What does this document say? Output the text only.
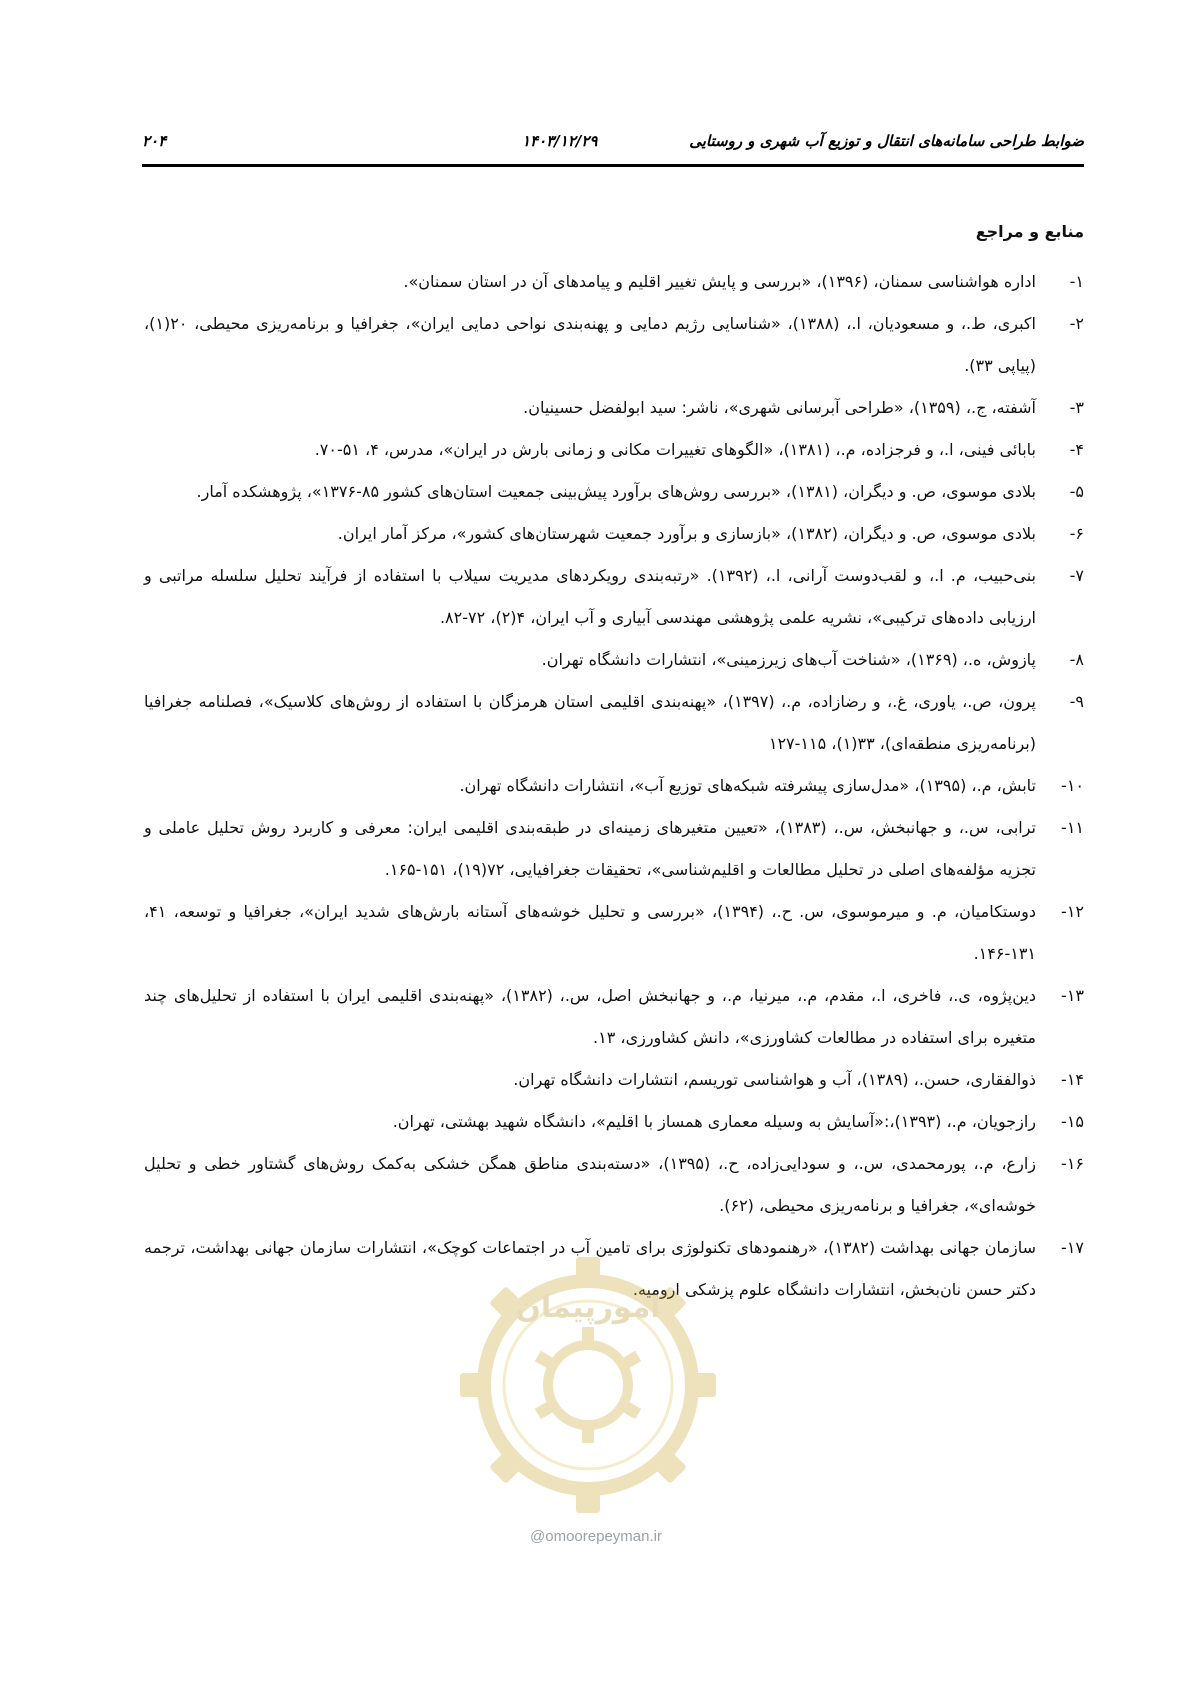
ضوابط طراحی سامانه‌های انتقال و توزیع آب شهری و روستایی
۱۴۰۳/۱۲/۲۹
۲۰۴
منابع و مراجع
۱-
اداره هواشناسی سمنان، (۱۳۹۶)، «بررسی و پایش تغییر اقلیم و پیامدهای آن در استان سمنان».
۲-
اکبری، ط.، و مسعودیان، ا.، (۱۳۸۸)، «شناسایی رژیم دمایی و پهنه‌بندی نواحی دمایی ایران»، جغرافیا و برنامه‌ریزی محیطی، ۲۰(۱)، (پیاپی ۳۳).
۳-
آشفته، ج.، (۱۳۵۹)، «طراحی آبرسانی شهری»، ناشر: سید ابولفضل حسینیان.
۴-
بابائی فینی، ا.، و فرجزاده، م.، (۱۳۸۱)، «الگوهای تغییرات مکانی و زمانی بارش در ایران»، مدرس، ۴، ۵۱-۷۰.
۵-
بلادی موسوی، ص. و دیگران، (۱۳۸۱)، «بررسی روش‌های برآورد پیش‌بینی جمعیت استان‌های کشور ۸۵-۱۳۷۶»، پژوهشکده آمار.
۶-
بلادی موسوی، ص. و دیگران، (۱۳۸۲)، «بازسازی و برآورد جمعیت شهرستان‌های کشور»، مرکز آمار ایران.
۷-
بنی‌حبیب، م. ا.، و لقب‌دوست آرانی، ا.، (۱۳۹۲). «رتبه‌بندی رویکردهای مدیریت سیلاب با استفاده از فرآیند تحلیل سلسله مراتبی و ارزیابی داده‌های ترکیبی»، نشریه علمی پژوهشی مهندسی آبیاری و آب ایران، ۴(۲)، ۷۲-۸۲.
۸-
پازوش، ه.، (۱۳۶۹)، «شناخت آب‌های زیرزمینی»، انتشارات دانشگاه تهران.
۹-
پرون، ص.، یاوری، غ.، و رضازاده، م.، (۱۳۹۷)، «پهنه‌بندی اقلیمی استان هرمزگان با استفاده از روش‌های کلاسیک»، فصلنامه جغرافیا (برنامه‌ریزی منطقه‌ای)، ۳۳(۱)، ۱۱۵-۱۲۷
۱۰-
تابش، م.، (۱۳۹۵)، «مدل‌سازی پیشرفته شبکه‌های توزیع آب»، انتشارات دانشگاه تهران.
۱۱-
ترابی، س.، و جهانبخش، س.، (۱۳۸۳)، «تعیین متغیرهای زمینه‌ای در طبقه‌بندی اقلیمی ایران: معرفی و کاربرد روش تحلیل عاملی و تجزیه مؤلفه‌های اصلی در تحلیل مطالعات و اقلیم‌شناسی»، تحقیقات جغرافیایی، ۷۲(۱۹)، ۱۵۱-۱۶۵.
۱۲-
دوستکامیان، م. و میرموسوی، س. ح.، (۱۳۹۴)، «بررسی و تحلیل خوشه‌های آستانه بارش‌های شدید ایران»، جغرافیا و توسعه، ۴۱، ۱۳۱-۱۴۶.
۱۳-
دین‌پژوه، ی.، فاخری، ا.، مقدم، م.، میرنیا، م.، و جهانبخش اصل، س.، (۱۳۸۲)، «پهنه‌بندی اقلیمی ایران با استفاده از تحلیل‌های چند متغیره برای استفاده در مطالعات کشاورزی»، دانش کشاورزی، ۱۳.
۱۴-
ذوالفقاری، حسن.، (۱۳۸۹)، آب و هواشناسی توریسم، انتشارات دانشگاه تهران.
۱۵-
رازجویان، م.، (۱۳۹۳)،:«آسایش به وسیله معماری همساز با اقلیم»، دانشگاه شهید بهشتی، تهران.
۱۶-
زارع، م.، پورمحمدی، س.، و سودایی‌زاده، ح.، (۱۳۹۵)، «دسته‌بندی مناطق همگن خشکی به‌کمک روش‌های گشتاور خطی و تحلیل خوشه‌ای»، جغرافیا و برنامه‌ریزی محیطی، (۶۲).
۱۷-
سازمان جهانی بهداشت (۱۳۸۲)، «رهنمودهای تکنولوژی برای تامین آب در اجتماعات کوچک»، انتشارات سازمان جهانی بهداشت، ترجمه دکتر حسن نان‌بخش، انتشارات دانشگاه علوم پزشکی ارومیه.
امورپیمان
@omoorepeyman.ir
